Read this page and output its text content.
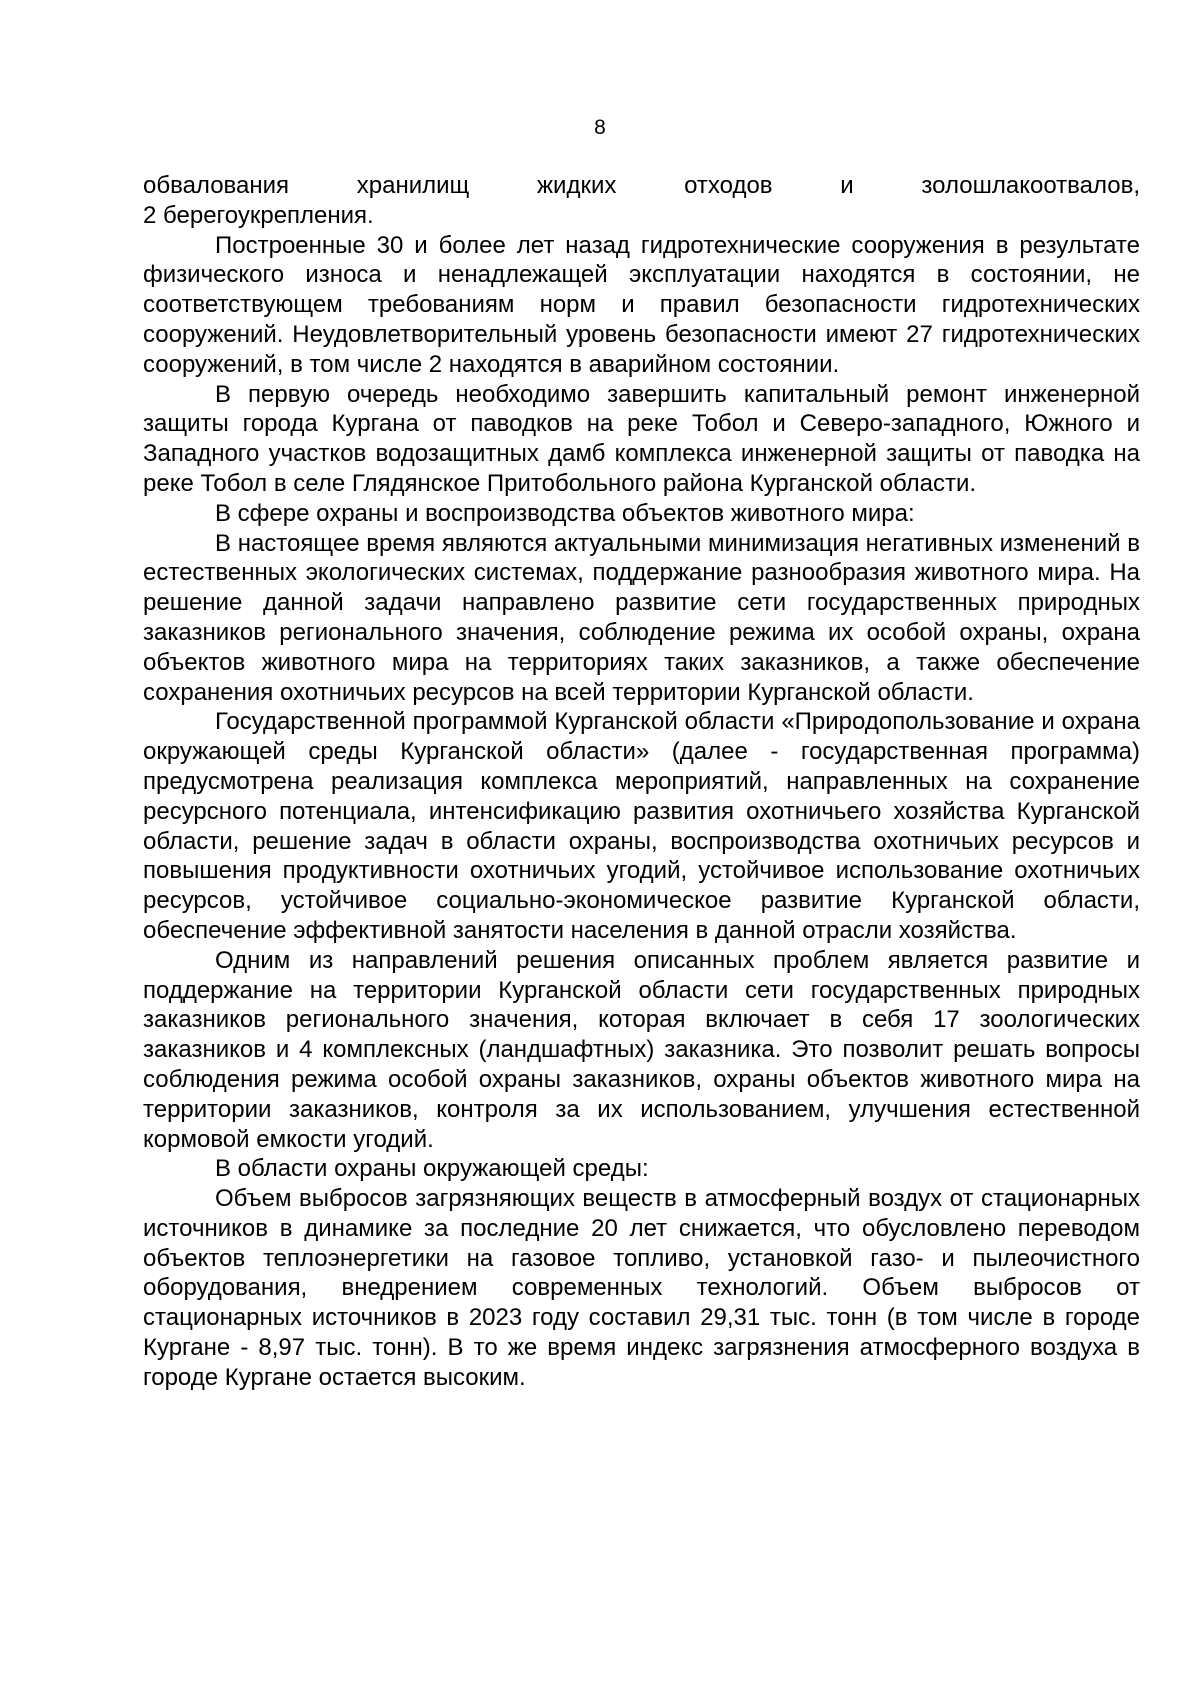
8

обвалования хранилищ жидких отходов и золошлакоотвалов,
2 берегоукрепления.

Построенные 30 и более лет назад гидротехнические сооружения в результате физического износа и ненадлежащей эксплуатации находятся в состоянии, не соответствующем требованиям норм и правил безопасности гидротехнических сооружений. Неудовлетворительный уровень безопасности имеют 27 гидротехнических сооружений, в том числе 2 находятся в аварийном состоянии.

В первую очередь необходимо завершить капитальный ремонт инженерной защиты города Кургана от паводков на реке Тобол и Северо-западного, Южного и Западного участков водозащитных дамб комплекса инженерной защиты от паводка на реке Тобол в селе Глядянское Притобольного района Курганской области.

В сфере охраны и воспроизводства объектов животного мира:

В настоящее время являются актуальными минимизация негативных изменений в естественных экологических системах, поддержание разнообразия животного мира. На решение данной задачи направлено развитие сети государственных природных заказников регионального значения, соблюдение режима их особой охраны, охрана объектов животного мира на территориях таких заказников, а также обеспечение сохранения охотничьих ресурсов на всей территории Курганской области.

Государственной программой Курганской области «Природопользование и охрана окружающей среды Курганской области» (далее - государственная программа) предусмотрена реализация комплекса мероприятий, направленных на сохранение ресурсного потенциала, интенсификацию развития охотничьего хозяйства Курганской области, решение задач в области охраны, воспроизводства охотничьих ресурсов и повышения продуктивности охотничьих угодий, устойчивое использование охотничьих ресурсов, устойчивое социально-экономическое развитие Курганской области, обеспечение эффективной занятости населения в данной отрасли хозяйства.

Одним из направлений решения описанных проблем является развитие и поддержание на территории Курганской области сети государственных природных заказников регионального значения, которая включает в себя 17 зоологических заказников и 4 комплексных (ландшафтных) заказника. Это позволит решать вопросы соблюдения режима особой охраны заказников, охраны объектов животного мира на территории заказников, контроля за их использованием, улучшения естественной кормовой емкости угодий.

В области охраны окружающей среды:

Объем выбросов загрязняющих веществ в атмосферный воздух от стационарных источников в динамике за последние 20 лет снижается, что обусловлено переводом объектов теплоэнергетики на газовое топливо, установкой газо- и пылеочистного оборудования, внедрением современных технологий. Объем выбросов от стационарных источников в 2023 году составил 29,31 тыс. тонн (в том числе в городе Кургане - 8,97 тыс. тонн). В то же время индекс загрязнения атмосферного воздуха в городе Кургане остается высоким.
